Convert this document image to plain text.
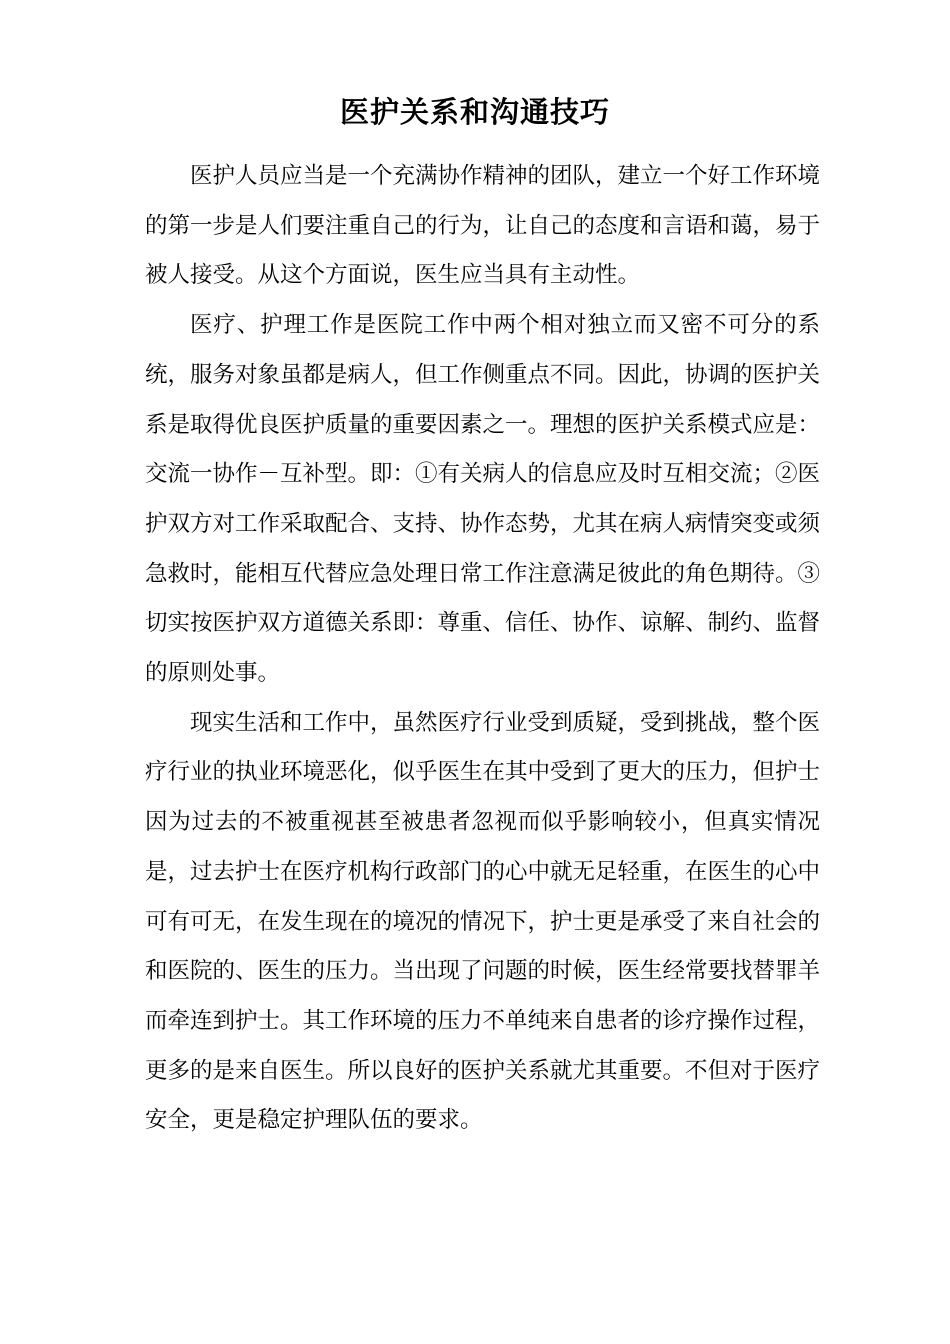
医护关系和沟通技巧

医护人员应当是一个充满协作精神的团队，建立一个好工作环境的第一步是人们要注重自己的行为，让自己的态度和言语和蔼，易于被人接受。从这个方面说，医生应当具有主动性。

医疗、护理工作是医院工作中两个相对独立而又密不可分的系统，服务对象虽都是病人，但工作侧重点不同。因此，协调的医护关系是取得优良医护质量的重要因素之一。理想的医护关系模式应是：交流一协作－互补型。即：①有关病人的信息应及时互相交流；②医护双方对工作采取配合、支持、协作态势，尤其在病人病情突变或须急救时，能相互代替应急处理日常工作注意满足彼此的角色期待。③切实按医护双方道德关系即：尊重、信任、协作、谅解、制约、监督的原则处事。

现实生活和工作中，虽然医疗行业受到质疑，受到挑战，整个医疗行业的执业环境恶化，似乎医生在其中受到了更大的压力，但护士因为过去的不被重视甚至被患者忽视而似乎影响较小，但真实情况是，过去护士在医疗机构行政部门的心中就无足轻重，在医生的心中可有可无，在发生现在的境况的情况下，护士更是承受了来自社会的和医院的、医生的压力。当出现了问题的时候，医生经常要找替罪羊而牵连到护士。其工作环境的压力不单纯来自患者的诊疗操作过程，更多的是来自医生。所以良好的医护关系就尤其重要。不但对于医疗安全，更是稳定护理队伍的要求。
